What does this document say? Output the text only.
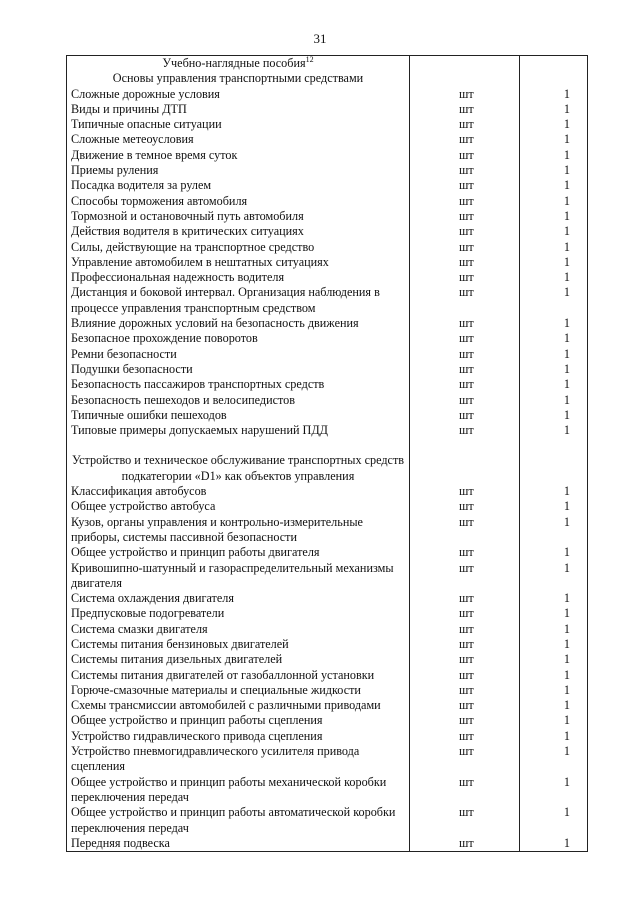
31
Учебно-наглядные пособия$^{12}$		
Основы управления транспортными средствами		
Сложные дорожные условия	шт	1
Виды и причины ДТП	шт	1
Типичные опасные ситуации	шт	1
Сложные метеоусловия	шт	1
Движение в темное время суток	шт	1
Приемы руления	шт	1
Посадка водителя за рулем	шт	1
Способы торможения автомобиля	шт	1
Тормозной и остановочный путь автомобиля	шт	1
Действия водителя в критических ситуациях	шт	1
Силы, действующие на транспортное средство	шт	1
Управление автомобилем в нештатных ситуациях	шт	1
Профессиональная надежность водителя	шт	1
Дистанция и боковой интервал. Организация наблюдения в процессе управления транспортным средством	шт	1
Влияние дорожных условий на безопасность движения	шт	1
Безопасное прохождение поворотов	шт	1
Ремни безопасности	шт	1
Подушки безопасности	шт	1
Безопасность пассажиров транспортных средств	шт	1
Безопасность пешеходов и велосипедистов	шт	1
Типичные ошибки пешеходов	шт	1
Типовые примеры допускаемых нарушений ПДД	шт	1

Устройство и техническое обслуживание транспортных средств подкатегории «D1» как объектов управления		
Классификация автобусов	шт	1
Общее устройство автобуса	шт	1
Кузов, органы управления и контрольно-измерительные приборы, системы пассивной безопасности	шт	1
Общее устройство и принцип работы двигателя	шт	1
Кривошипно-шатунный и газораспределительный механизмы двигателя	шт	1
Система охлаждения двигателя	шт	1
Предпусковые подогреватели	шт	1
Система смазки двигателя	шт	1
Системы питания бензиновых двигателей	шт	1
Системы питания дизельных двигателей	шт	1
Системы питания двигателей от газобаллонной установки	шт	1
Горюче-смазочные материалы и специальные жидкости	шт	1
Схемы трансмиссии автомобилей с различными приводами	шт	1
Общее устройство и принцип работы сцепления	шт	1
Устройство гидравлического привода сцепления	шт	1
Устройство пневмогидравлического усилителя привода сцепления	шт	1
Общее устройство и принцип работы механической коробки переключения передач	шт	1
Общее устройство и принцип работы автоматической коробки переключения передач	шт	1
Передняя подвеска	шт	1
